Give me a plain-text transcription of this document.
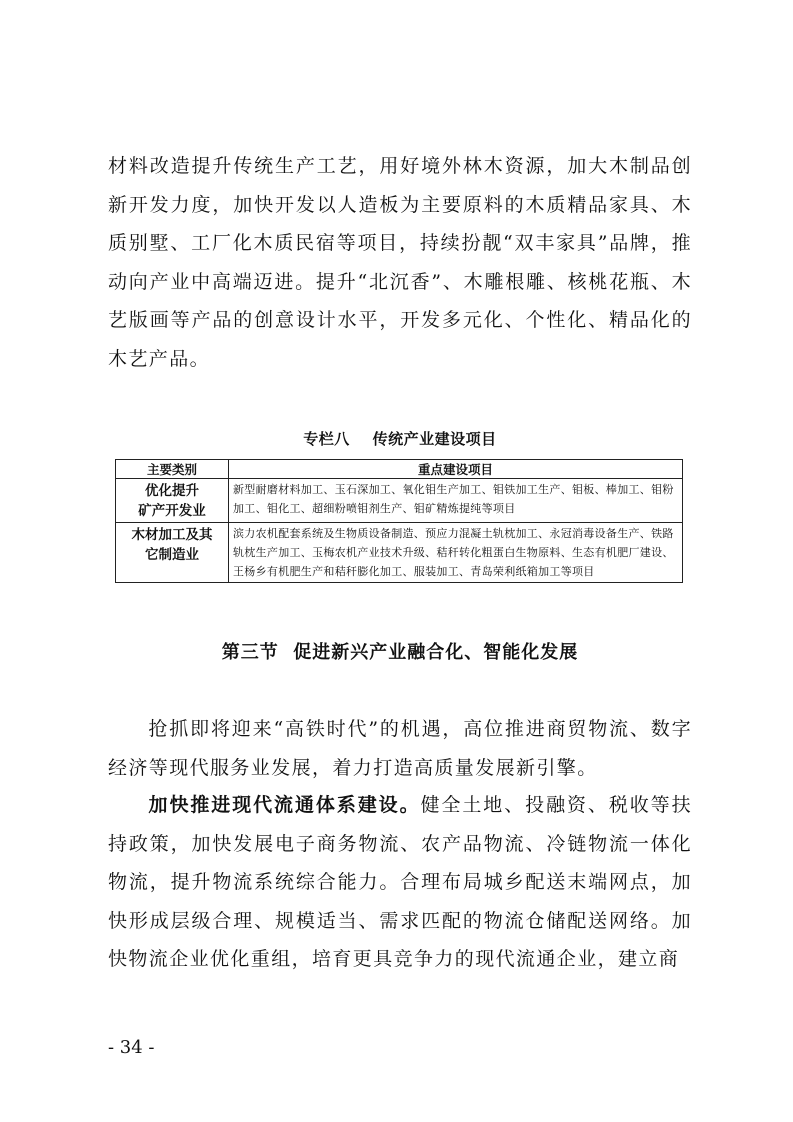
材料改造提升传统生产工艺，用好境外林木资源，加大木制品创新开发力度，加快开发以人造板为主要原料的木质精品家具、木质别墅、工厂化木质民宿等项目，持续扮靓“双丰家具”品牌，推动向产业中高端迈进。提升“北沉香”、木雕根雕、核桃花瓶、木艺版画等产品的创意设计水平，开发多元化、个性化、精品化的木艺产品。

专栏八    传统产业建设项目
主要类别	重点建设项目

优化提升
矿产开发业	新型耐磨材料加工、玉石深加工、氧化钼生产加工、钼铁加工生产、钼板、棒加工、钼粉加工、钼化工、超细粉喷钼剂生产、钼矿精炼提纯等项目

木材加工及其
它制造业	滨力农机配套系统及生物质设备制造、预应力混凝土轨枕加工、永冠消毒设备生产、铁路轨枕生产加工、玉梅农机产业技术升级、秸秆转化粗蛋白生物原料、生态有机肥厂建设、王杨乡有机肥生产和秸秆膨化加工、服装加工、青岛荣利纸箱加工等项目
第三节  促进新兴产业融合化、智能化发展

抢抓即将迎来“高铁时代”的机遇，高位推进商贸物流、数字经济等现代服务业发展，着力打造高质量发展新引擎。

加快推进现代流通体系建设。健全土地、投融资、税收等扶持政策，加快发展电子商务物流、农产品物流、冷链物流一体化物流，提升物流系统综合能力。合理布局城乡配送末端网点，加快形成层级合理、规模适当、需求匹配的物流仓储配送网络。加快物流企业优化重组，培育更具竞争力的现代流通企业，建立商

- 34 -
